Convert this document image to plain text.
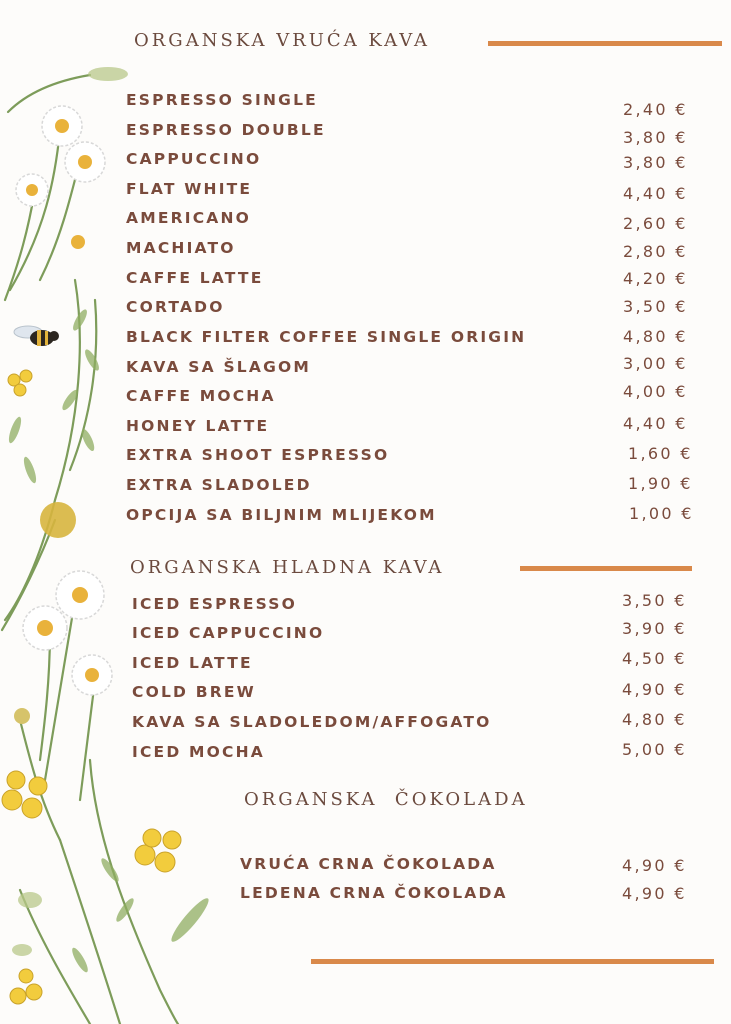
ORGANSKA VRUĆA KAVA
ESPRESSO SINGLE	2,40 €
ESPRESSO DOUBLE	3,80 €
CAPPUCCINO	3,80 €
FLAT WHITE	4,40 €
AMERICANO	2,60 €
MACHIATO	2,80 €
CAFFE LATTE	4,20 €
CORTADO	3,50 €
BLACK FILTER COFFEE SINGLE ORIGIN	4,80 €
KAVA SA ŠLAGOM	3,00 €
CAFFE MOCHA	4,00 €
HONEY LATTE	4,40 €
EXTRA SHOOT ESPRESSO	1,60 €
EXTRA SLADOLED	1,90 €
OPCIJA SA BILJNIM MLIJEKOM	1,00 €
ORGANSKA HLADNA KAVA
ICED ESPRESSO	3,50 €
ICED CAPPUCCINO	3,90 €
ICED LATTE	4,50 €
COLD BREW	4,90 €
KAVA SA SLADOLEDOM/AFFOGATO	4,80 €
ICED MOCHA	5,00 €
ORGANSKA  ČOKOLADA
VRUĆA CRNA ČOKOLADA	4,90 €
LEDENA CRNA ČOKOLADA	4,90 €
